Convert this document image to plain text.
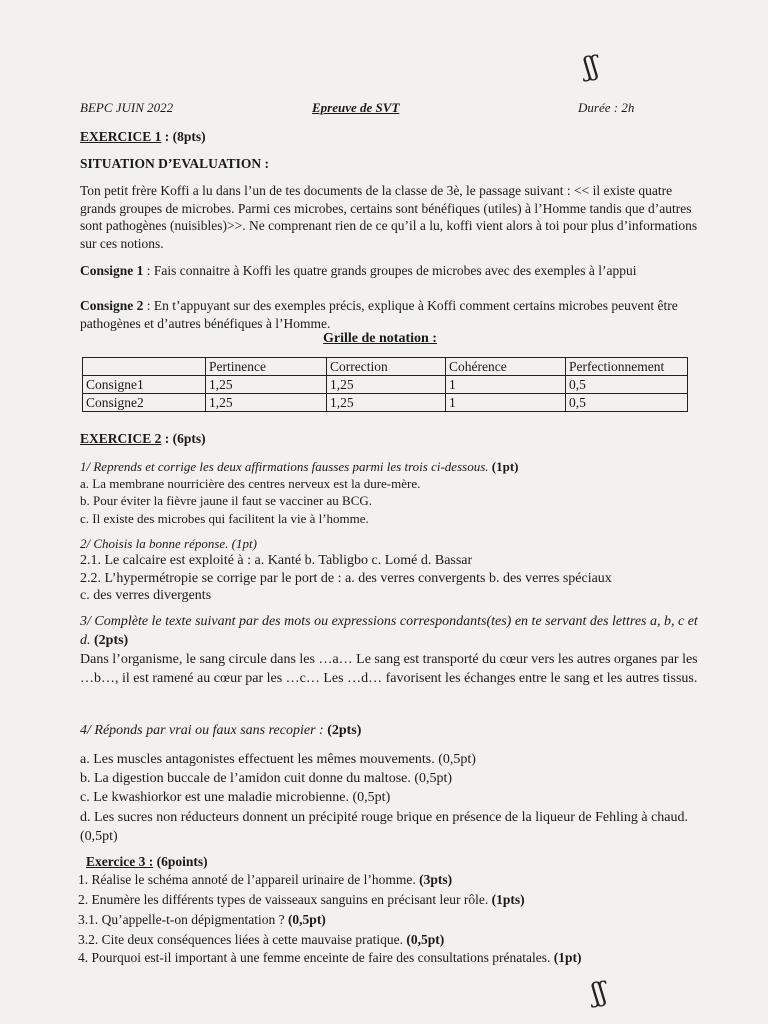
ʃʃ
BEPC JUIN 2022	Epreuve de SVT	Durée : 2h
EXERCICE 1 : (8pts)
SITUATION D’EVALUATION :
Ton petit frère Koffi a lu dans l’un de tes documents de la classe de 3è, le passage suivant : << il existe quatre grands groupes de microbes. Parmi ces microbes, certains sont bénéfiques (utiles) à l’Homme tandis que d’autres sont pathogènes (nuisibles)>>. Ne comprenant rien de ce qu’il a lu, koffi vient alors à toi pour plus d’informations sur ces notions.
Consigne 1 : Fais connaitre à Koffi les quatre grands groupes de microbes avec des exemples à l’appui
Consigne 2 : En t’appuyant sur des exemples précis, explique à Koffi comment certains microbes peuvent être pathogènes et d’autres bénéfiques à l’Homme.
Grille de notation :
	Pertinence	Correction	Cohérence	Perfectionnement
Consigne1	1,25	1,25	1	0,5
Consigne2	1,25	1,25	1	0,5
EXERCICE 2 : (6pts)
1/ Reprends et corrige les deux affirmations fausses parmi les trois ci-dessous. (1pt)
a. La membrane nourricière des centres nerveux est la dure-mère.
b. Pour éviter la fièvre jaune il faut se vacciner au BCG.
c. Il existe des microbes qui facilitent la vie à l’homme.
2/ Choisis la bonne réponse. (1pt)
2.1. Le calcaire est exploité à : a. Kanté b. Tabligbo c. Lomé d. Bassar
2.2. L’hypermétropie se corrige par le port de : a. des verres convergents b. des verres spéciaux
c. des verres divergents
3/ Complète le texte suivant par des mots ou expressions correspondants(tes) en te servant des lettres a, b, c et d. (2pts)
Dans l’organisme, le sang circule dans les …a… Le sang est transporté du cœur vers les autres organes par les …b…, il est ramené au cœur par les …c… Les …d… favorisent les échanges entre le sang et les autres tissus.
4/ Réponds par vrai ou faux sans recopier : (2pts)
a. Les muscles antagonistes effectuent les mêmes mouvements. (0,5pt)
b. La digestion buccale de l’amidon cuit donne du maltose. (0,5pt)
c. Le kwashiorkor est une maladie microbienne. (0,5pt)
d. Les sucres non réducteurs donnent un précipité rouge brique en présence de la liqueur de Fehling à chaud. (0,5pt)
Exercice 3 : (6points)
1. Réalise le schéma annoté de l’appareil urinaire de l’homme. (3pts)
2. Enumère les différents types de vaisseaux sanguins en précisant leur rôle. (1pts)
3.1. Qu’appelle-t-on dépigmentation ? (0,5pt)
3.2. Cite deux conséquences liées à cette mauvaise pratique. (0,5pt)
4. Pourquoi est-il important à une femme enceinte de faire des consultations prénatales. (1pt)
ʃʃ
